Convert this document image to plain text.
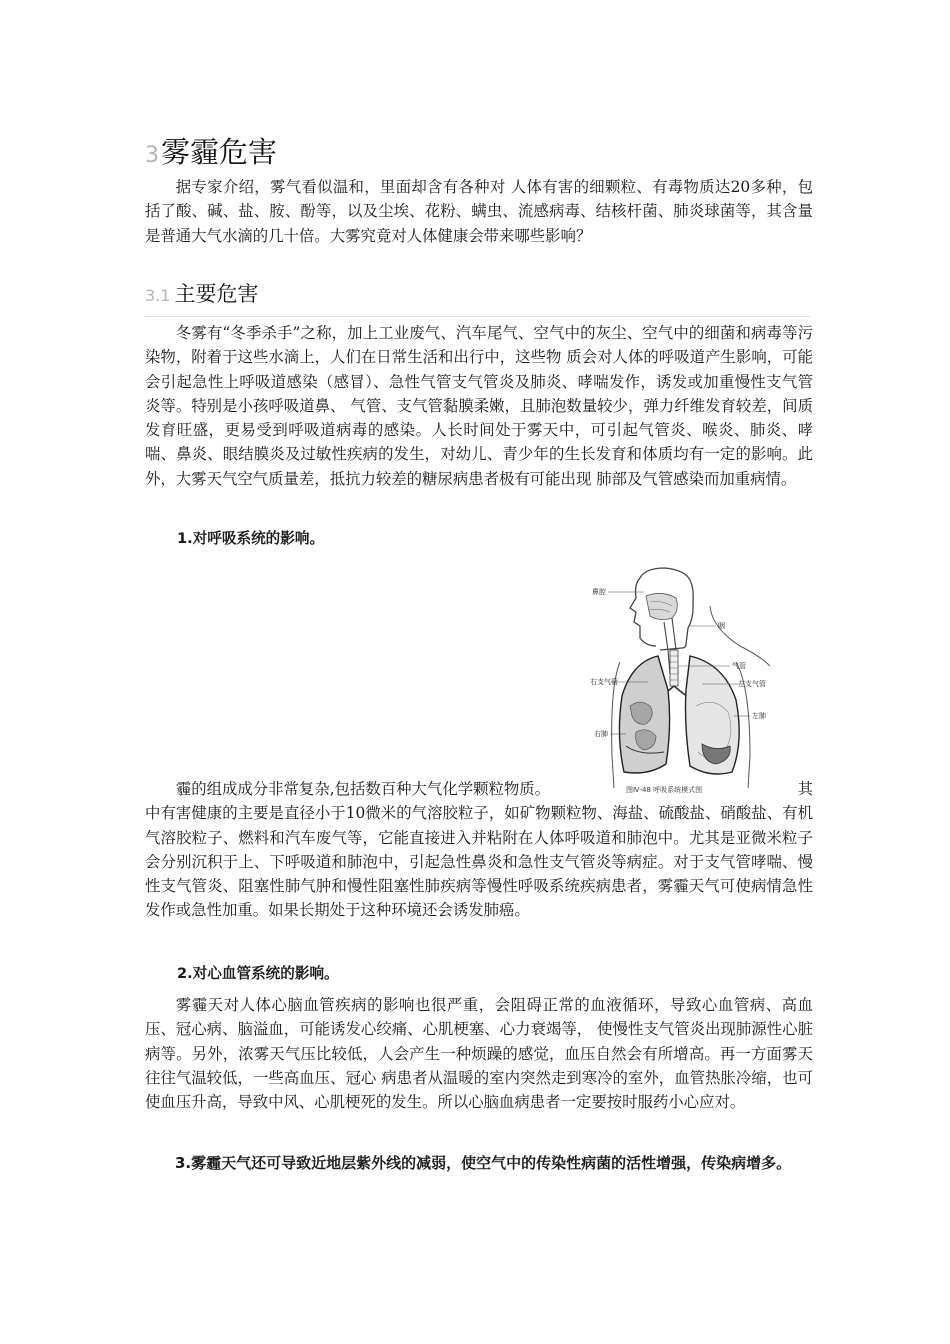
3雾霾危害

据专家介绍，雾气看似温和，里面却含有各种对 人体有害的细颗粒、有毒物质达20多种，包括了酸、碱、盐、胺、酚等，以及尘埃、花粉、螨虫、流感病毒、结核杆菌、肺炎球菌等，其含量是普通大气水滴的几十倍。大雾究竟对人体健康会带来哪些影响？

3.1 主要危害

冬雾有“冬季杀手”之称，加上工业废气、汽车尾气、空气中的灰尘、空气中的细菌和病毒等污染物，附着于这些水滴上，人们在日常生活和出行中，这些物 质会对人体的呼吸道产生影响，可能会引起急性上呼吸道感染（感冒）、急性气管支气管炎及肺炎、哮喘发作，诱发或加重慢性支气管炎等。特别是小孩呼吸道鼻、 气管、支气管黏膜柔嫩，且肺泡数量较少，弹力纤维发育较差，间质发育旺盛，更易受到呼吸道病毒的感染。人长时间处于雾天中，可引起气管炎、喉炎、肺炎、哮喘、鼻炎、眼结膜炎及过敏性疾病的发生，对幼儿、青少年的生长发育和体质均有一定的影响。此外，大雾天气空气质量差，抵抗力较差的糖尿病患者极有可能出现 肺部及气管感染而加重病情。

1.对呼吸系统的影响。
鼻腔
咽
气管
右支气管	左支气管
右肺
左肺
图Ⅳ-48 呼吸系统模式图
霾的组成成分非常复杂,包括数百种大气化学颗粒物质。	其
中有害健康的主要是直径小于10微米的气溶胶粒子，如矿物颗粒物、海盐、硫酸盐、硝酸盐、有机气溶胶粒子、燃料和汽车废气等，它能直接进入并粘附在人体呼吸道和肺泡中。尤其是亚微米粒子会分别沉积于上、下呼吸道和肺泡中，引起急性鼻炎和急性支气管炎等病症。对于支气管哮喘、慢性支气管炎、阻塞性肺气肿和慢性阻塞性肺疾病等慢性呼吸系统疾病患者，雾霾天气可使病情急性发作或急性加重。如果长期处于这种环境还会诱发肺癌。
2.对心血管系统的影响。

雾霾天对人体心脑血管疾病的影响也很严重，会阻碍正常的血液循环，导致心血管病、高血压、冠心病、脑溢血，可能诱发心绞痛、心肌梗塞、心力衰竭等， 使慢性支气管炎出现肺源性心脏病等。另外，浓雾天气压比较低，人会产生一种烦躁的感觉，血压自然会有所增高。再一方面雾天往往气温较低，一些高血压、冠心 病患者从温暖的室内突然走到寒冷的室外，血管热胀冷缩，也可使血压升高，导致中风、心肌梗死的发生。所以心脑血病患者一定要按时服药小心应对。

3.雾霾天气还可导致近地层紫外线的减弱，使空气中的传染性病菌的活性增强，传染病增多。
